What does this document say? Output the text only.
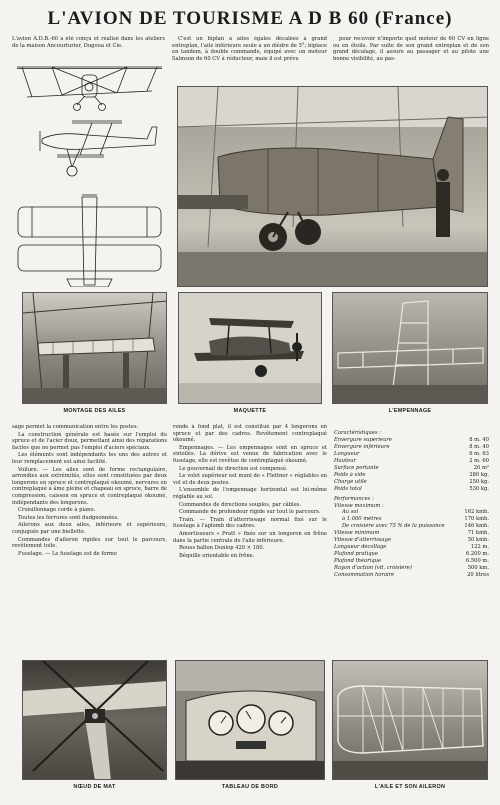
L'AVION DE TOURISME A D B 60 (France)

L'avion A.D.B.-60 a été conçu et réalisé dans les ateliers de la maison Ancourturier, Dugoua et Cie.

C'est un biplan à ailes égales décalées à grand entreplan, l'aile inférieure seule a un dièdre de 5°; biplace en tandem, à double commande, équipé avec un moteur Salmson de 60 CV à réducteur, mais il est prévu

pour recevoir n'importe quel moteur de 60 CV en ligne ou en étoile. Par suite de son grand entreplan et de son grand décalage, il assure au passager et au pilote une bonne visibilité, au pas-

MONTAGE DES AILES	MAQUETTE	L'EMPENNAGE

sage permet la communication entre les postes.

La construction générale est basée sur l'emploi du spruce et de l'acier doux, permettant ainsi des réparations faciles que ne permet pas l'emploi d'aciers spéciaux.

Les éléments sont indépendants les uns des autres et leur remplacement est ainsi facilité.

Voilure. — Les ailes sont de forme rectangulaire, arrondies aux extrémités, elles sont constituées par deux longerons en spruce et contreplaqué okoumé, nervures en contreplaqué à âme pleine et chapeau en spruce, barre de compression, caisson en spruce et contreplaqué okoumé, indépendante des longerons.

Croisillonnage corde à piano.

Toutes les ferrures sont dudgeonnées.

Ailerons aux deux ailes, inférieure et supérieure, conjugués par une biellette.

Commandes d'aileron rigides sur tout le parcours, revêtement toile.

Fuselage. — Le fuselage est de forme

ronde à fond plat, il est constitué par 4 longerons en spruce et par des cadres. Revêtement contreplaqué okoumé.

Empennages. — Les empennages sont en spruce et entoilés. La dérive est venue de fabrication avec le fuselage, elle est revêtue de contreplaqué okoumé.

Le gouvernail de direction est compensé.

Le volet supérieur est muni de « Flettner » réglables en vol et de deux postes.

L'ensemble de l'empennage horizontal est lui-même réglable au sol.

Commandes de directions souples, par câbles.

Commande de profondeur rigide sur tout le parcours.

Train. — Train d'atterrissage normal fixé sur le fuselage à l'aplomb des cadres.

Amortisseurs « Pratt » fixés sur un longeron en frêne dans la partie centrale de l'aile inférieure.

Roues ballon Dunlop 420 × 180.

Béquille orientable en frêne.

Caractéristiques :
Envergure supérieure	8 m. 40
Envergure inférieure	8 m. 40
Longueur	6 m. 63
Hauteur	2 m. 60
Surface portante	20 m²
Poids à vide	280 kg.
Charge utile	250 kg.
Poids total	530 kg.
Performances :
Vitesse maximum :
Au sol	162 kmh.
à 1.000 mètres	170 kmh.
De croisière avec 75 % de la puissance	146 kmh.
Vitesse minimum	71 kmh.
Vitesse d'atterrissage	50 kmh.
Longueur décollage	122 m.
Plafond pratique	6.200 m.
Plafond théorique	6.500 m.
Rayon d'action (vit. croisière)	500 km.
Consommation horaire	20 litres
NŒUD DE MAT	TABLEAU DE BORD	L'AILE ET SON AILERON
